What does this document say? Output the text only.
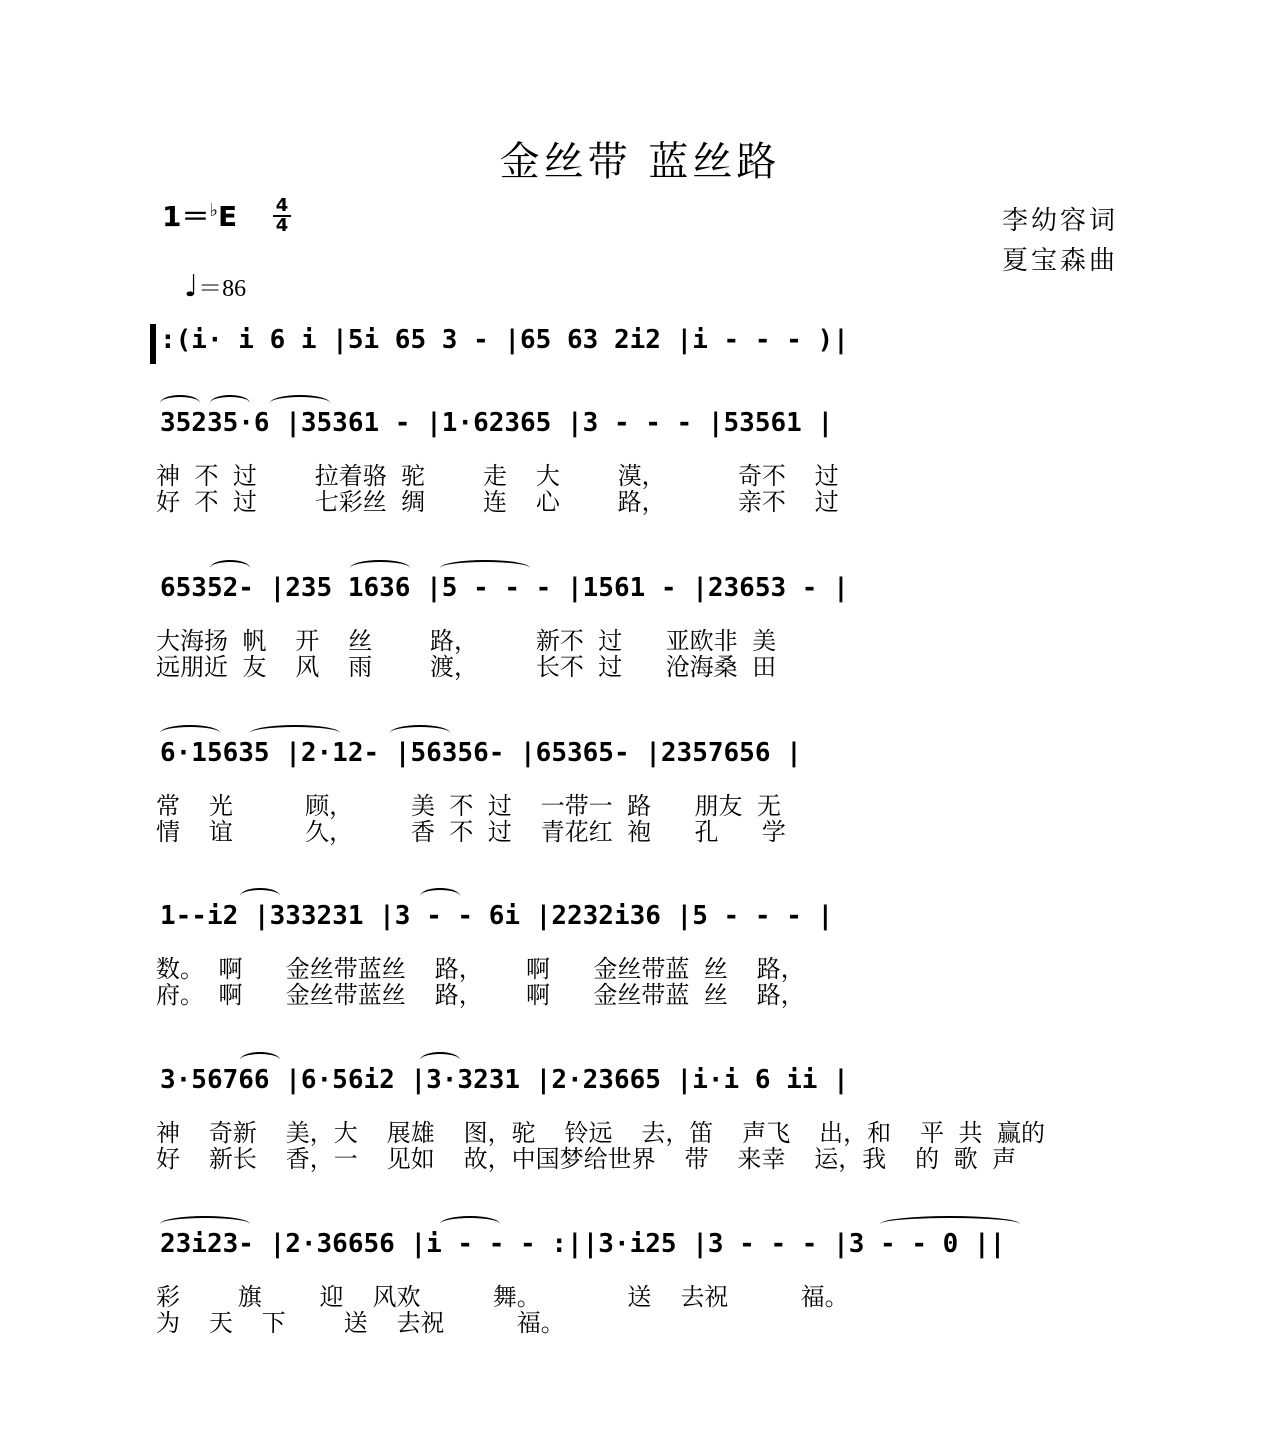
金丝带 蓝丝路
1＝♭E	4
4
♩＝86
李幼容词
夏宝森曲
:(i· i 6 i |5i 65 3 - |65 63 2i2 |i - - - )|
35235·6 |35361 - |1·62365 |3 - - - |53561 |
神 不 过    拉着骆 驼    走  大    漠，     奇不  过
好 不 过    七彩丝 绸    连  心    路，     亲不  过
65352- |235 1636 |5 - - - |1561 - |23653 - |
大海扬 帆  开  丝    路，    新不 过   亚欧非 美
远朋近 友  风  雨    渡，    长不 过   沧海桑 田
6·15635 |2·12- |56356- |65365- |2357656 |
常  光     顾，    美 不 过  一带一 路   朋友 无
情  谊     久，    香 不 过  青花红 袍   孔   学
1--i2 |333231 |3 - - 6i |2232i36 |5 - - - |
数。 啊   金丝带蓝丝  路，   啊   金丝带蓝 丝  路，
府。 啊   金丝带蓝丝  路，   啊   金丝带蓝 丝  路，
3·56766 |6·56i2 |3·3231 |2·23665 |i·i 6 ii |
神  奇新  美，大  展雄  图，驼  铃远  去，笛  声飞  出，和  平 共 赢的
好  新长  香，一  见如  故，中国梦给世界  带  来幸  运，我  的 歌 声
23i23- |2·36656 |i - - - :||3·i25 |3 - - - |3 - - 0 ||
彩    旗    迎  风欢     舞。      送  去祝     福。
为  天  下    送  去祝     福。
